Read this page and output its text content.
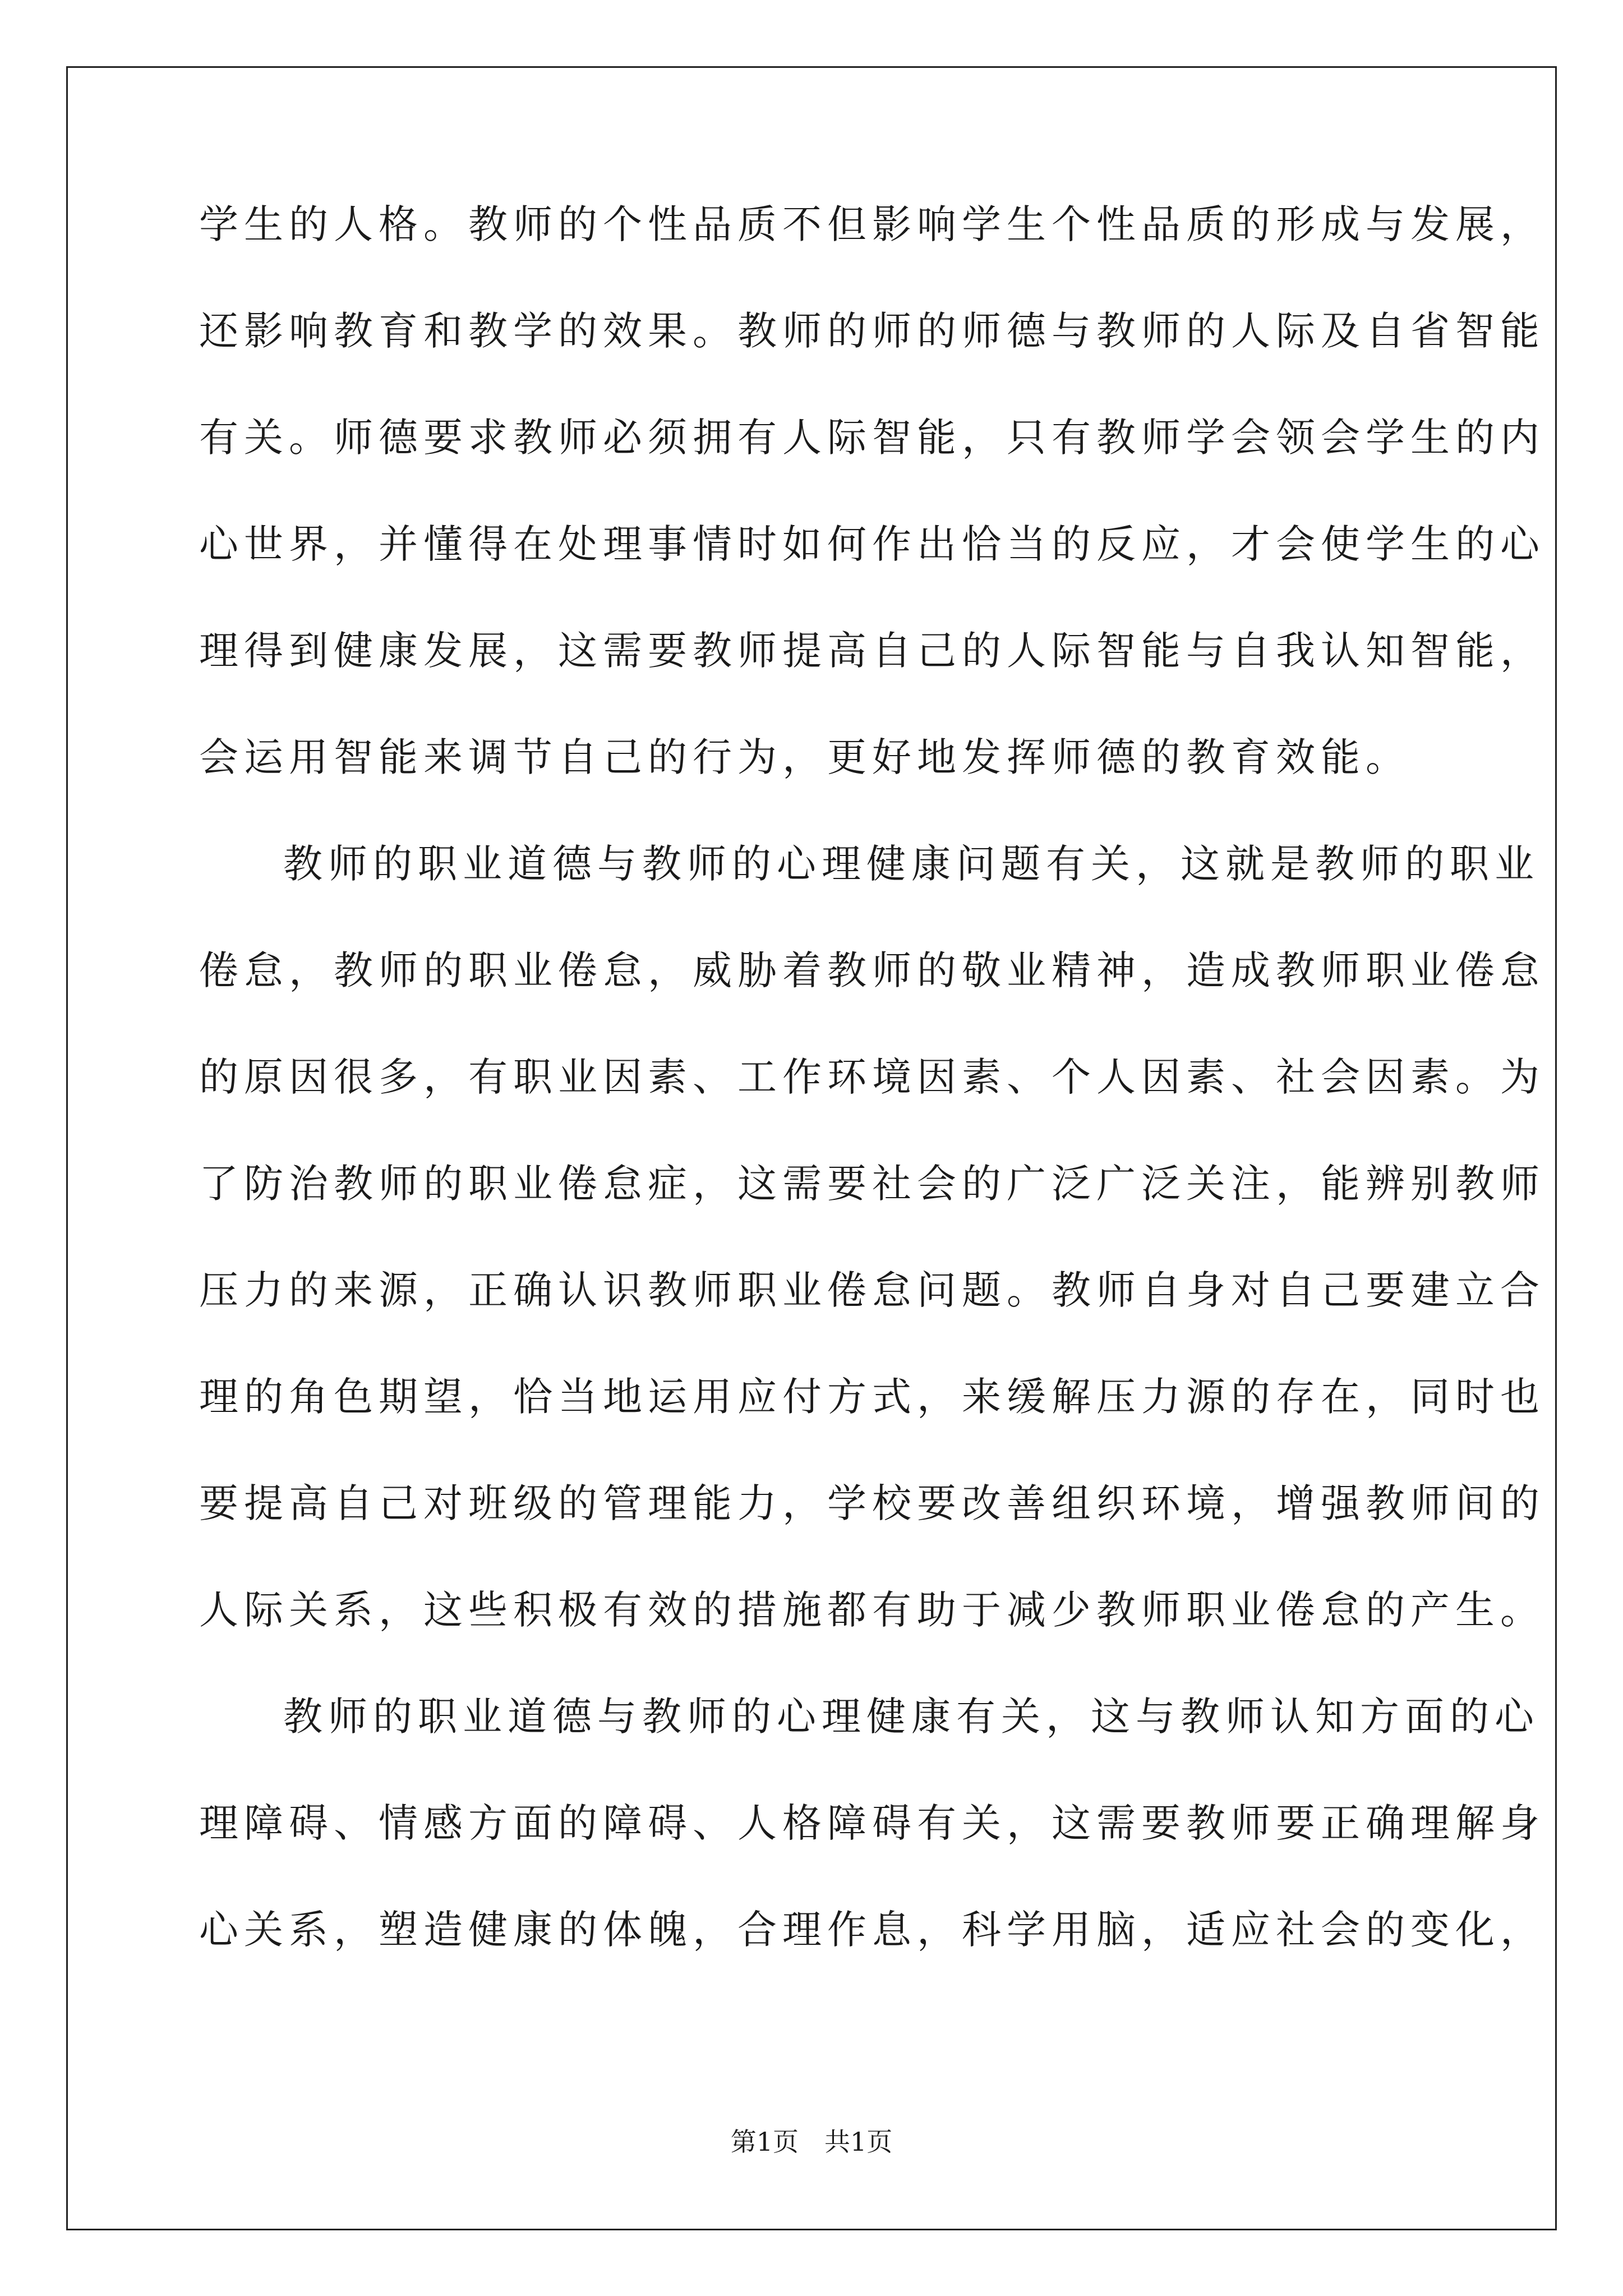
学生的人格。教师的个性品质不但影响学生个性品质的形成与发展，
还影响教育和教学的效果。教师的师的师德与教师的人际及自省智能
有关。师德要求教师必须拥有人际智能，只有教师学会领会学生的内
心世界，并懂得在处理事情时如何作出恰当的反应，才会使学生的心
理得到健康发展，这需要教师提高自己的人际智能与自我认知智能，
会运用智能来调节自己的行为，更好地发挥师德的教育效能。
教师的职业道德与教师的心理健康问题有关，这就是教师的职业
倦怠，教师的职业倦怠，威胁着教师的敬业精神，造成教师职业倦怠
的原因很多，有职业因素、工作环境因素、个人因素、社会因素。为
了防治教师的职业倦怠症，这需要社会的广泛广泛关注，能辨别教师
压力的来源，正确认识教师职业倦怠问题。教师自身对自己要建立合
理的角色期望，恰当地运用应付方式，来缓解压力源的存在，同时也
要提高自己对班级的管理能力，学校要改善组织环境，增强教师间的
人际关系，这些积极有效的措施都有助于减少教师职业倦怠的产生。
教师的职业道德与教师的心理健康有关，这与教师认知方面的心
理障碍、情感方面的障碍、人格障碍有关，这需要教师要正确理解身
心关系，塑造健康的体魄，合理作息，科学用脑，适应社会的变化，
第1页　共1页
